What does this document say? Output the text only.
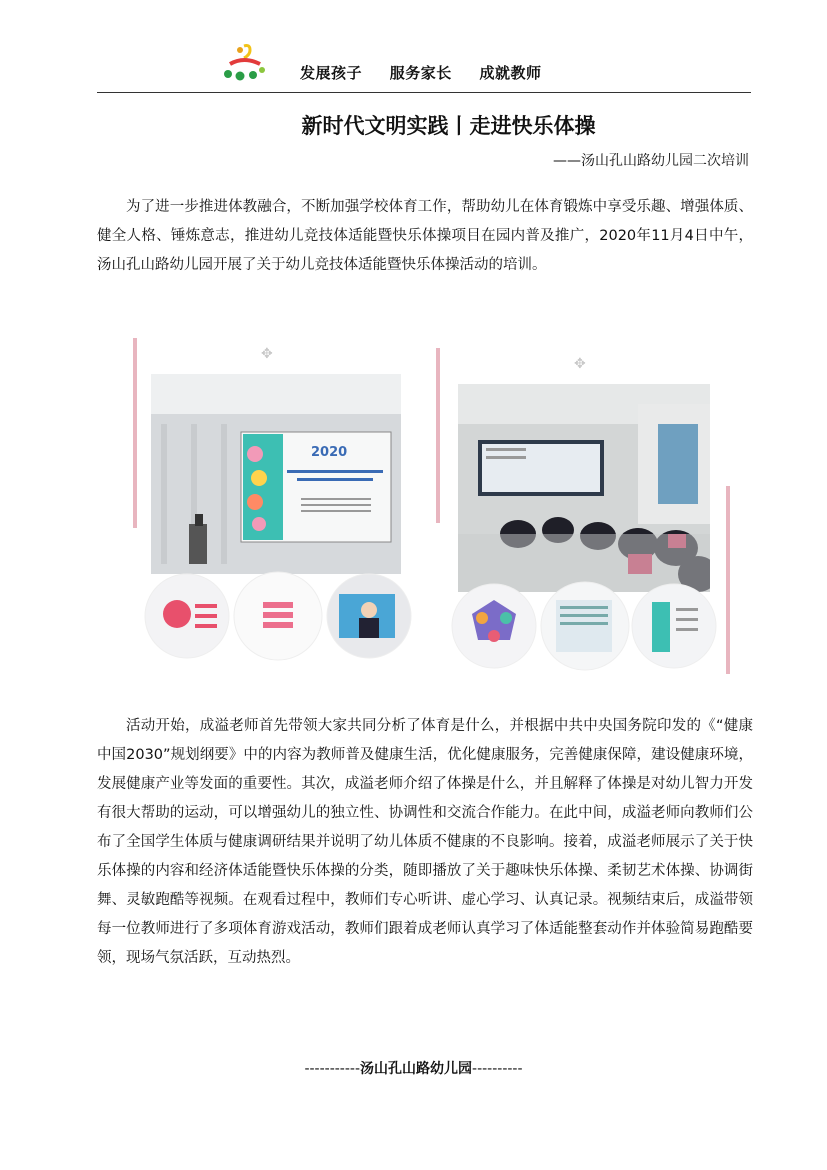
发展孩子 服务家长 成就教师
新时代文明实践丨走进快乐体操
——汤山孔山路幼儿园二次培训
为了进一步推进体教融合，不断加强学校体育工作，帮助幼儿在体育锻炼中享受乐趣、增强体质、健全人格、锤炼意志，推进幼儿竞技体适能暨快乐体操项目在园内普及推广，2020年11月4日中午，汤山孔山路幼儿园开展了关于幼儿竞技体适能暨快乐体操活动的培训。
✥
2020
✥
活动开始，成溢老师首先带领大家共同分析了体育是什么，并根据中共中央国务院印发的《“健康中国2030”规划纲要》中的内容为教师普及健康生活，优化健康服务，完善健康保障，建设健康环境，发展健康产业等发面的重要性。其次，成溢老师介绍了体操是什么，并且解释了体操是对幼儿智力开发有很大帮助的运动，可以增强幼儿的独立性、协调性和交流合作能力。在此中间，成溢老师向教师们公布了全国学生体质与健康调研结果并说明了幼儿体质不健康的不良影响。接着，成溢老师展示了关于快乐体操的内容和经济体适能暨快乐体操的分类，随即播放了关于趣味快乐体操、柔韧艺术体操、协调街舞、灵敏跑酷等视频。在观看过程中，教师们专心听讲、虚心学习、认真记录。视频结束后，成溢带领每一位教师进行了多项体育游戏活动，教师们跟着成老师认真学习了体适能整套动作并体验简易跑酷要领，现场气氛活跃，互动热烈。
-----------汤山孔山路幼儿园----------
